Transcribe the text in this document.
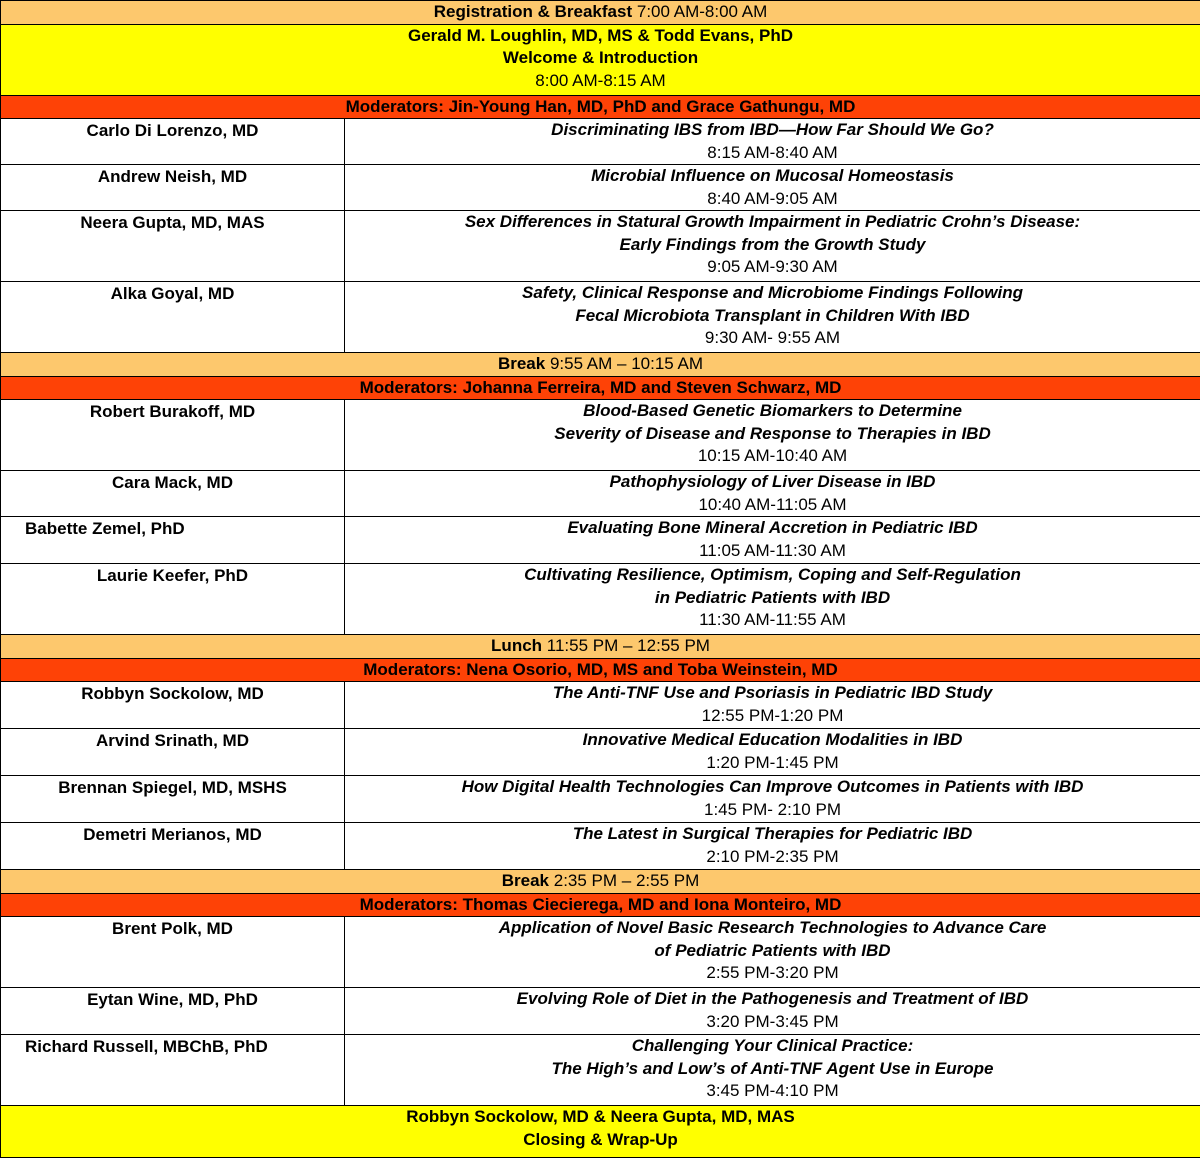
Registration & Breakfast 7:00 AM-8:00 AM	

Gerald M. Loughlin, MD, MS & Todd Evans, PhD
Welcome & Introduction
8:00 AM-8:15 AM	

Moderators: Jin-Young Han, MD, PhD and Grace Gathungu, MD	

Carlo Di Lorenzo, MD	Discriminating IBS from IBD—How Far Should We Go?
8:15 AM-8:40 AM

Andrew Neish, MD	Microbial Influence on Mucosal Homeostasis
8:40 AM-9:05 AM

Neera Gupta, MD, MAS	Sex Differences in Statural Growth Impairment in Pediatric Crohn’s Disease:
Early Findings from the Growth Study
9:05 AM-9:30 AM

Alka Goyal, MD	Safety, Clinical Response and Microbiome Findings Following
Fecal Microbiota Transplant in Children With IBD
9:30 AM- 9:55 AM

Break 9:55 AM – 10:15 AM	
Moderators: Johanna Ferreira, MD and Steven Schwarz, MD	

Robert Burakoff, MD	Blood-Based Genetic Biomarkers to Determine
Severity of Disease and Response to Therapies in IBD
10:15 AM-10:40 AM

Cara Mack, MD	Pathophysiology of Liver Disease in IBD
10:40 AM-11:05 AM

Babette Zemel, PhD	Evaluating Bone Mineral Accretion in Pediatric IBD
11:05 AM-11:30 AM

Laurie Keefer, PhD	Cultivating Resilience, Optimism, Coping and Self-Regulation
in Pediatric Patients with IBD
11:30 AM-11:55 AM

Lunch 11:55 PM – 12:55 PM	
Moderators: Nena Osorio, MD, MS and Toba Weinstein, MD	

Robbyn Sockolow, MD	The Anti-TNF Use and Psoriasis in Pediatric IBD Study
12:55 PM-1:20 PM

Arvind Srinath, MD	Innovative Medical Education Modalities in IBD
1:20 PM-1:45 PM

Brennan Spiegel, MD, MSHS	How Digital Health Technologies Can Improve Outcomes in Patients with IBD
1:45 PM- 2:10 PM

Demetri Merianos, MD	The Latest in Surgical Therapies for Pediatric IBD
2:10 PM-2:35 PM

Break 2:35 PM – 2:55 PM	
Moderators: Thomas Ciecierega, MD and Iona Monteiro, MD	

Brent Polk, MD	Application of Novel Basic Research Technologies to Advance Care
of Pediatric Patients with IBD
2:55 PM-3:20 PM

Eytan Wine, MD, PhD	Evolving Role of Diet in the Pathogenesis and Treatment of IBD
3:20 PM-3:45 PM

Richard Russell, MBChB, PhD	Challenging Your Clinical Practice:
The High’s and Low’s of Anti-TNF Agent Use in Europe
3:45 PM-4:10 PM

Robbyn Sockolow, MD & Neera Gupta, MD, MAS
Closing & Wrap-Up	
